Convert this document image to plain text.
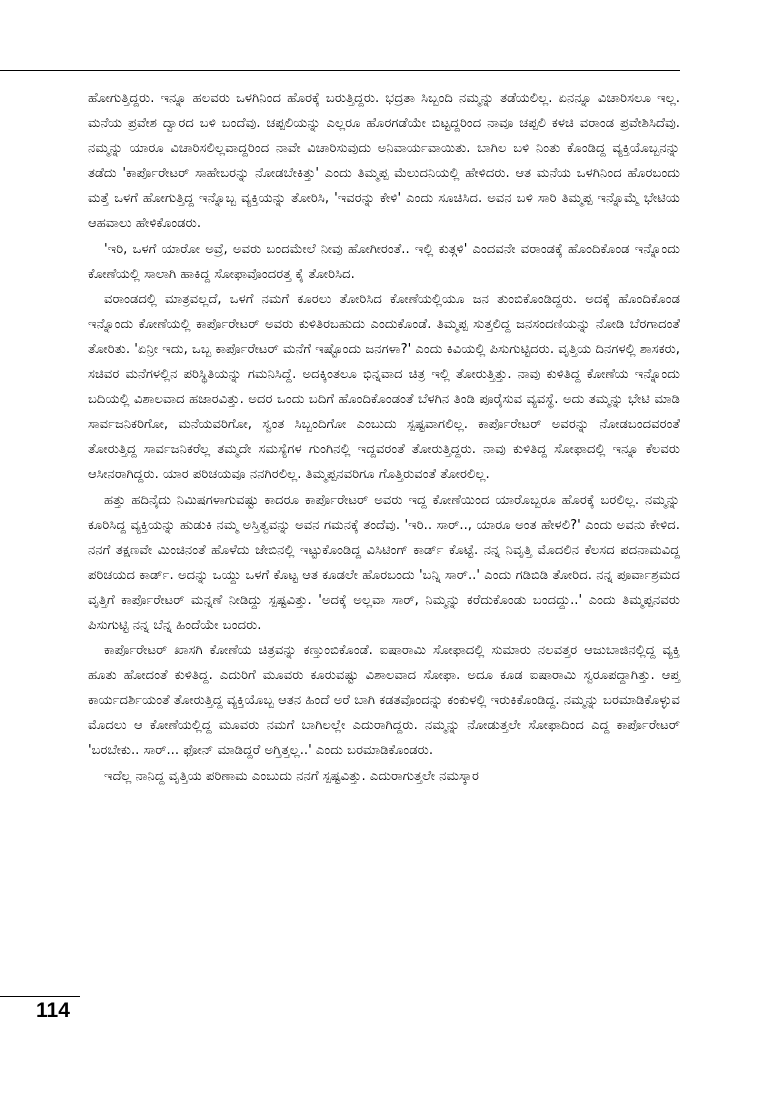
ಹೋಗುತ್ತಿದ್ದರು. ಇನ್ನೂ ಹಲವರು ಒಳಗಿನಿಂದ ಹೊರಕ್ಕೆ ಬರುತ್ತಿದ್ದರು. ಭದ್ರತಾ ಸಿಬ್ಬಂದಿ ನಮ್ಮನ್ನು ತಡೆಯಲಿಲ್ಲ. ಏನನ್ನೂ ವಿಚಾರಿಸಲೂ ಇಲ್ಲ. ಮನೆಯ ಪ್ರವೇಶ ದ್ವಾರದ ಬಳಿ ಬಂದೆವು. ಚಪ್ಪಲಿಯನ್ನು ಎಲ್ಲರೂ ಹೊರಗಡೆಯೇ ಬಿಟ್ಟದ್ದರಿಂದ ನಾವೂ ಚಪ್ಪಲಿ ಕಳಚಿ ವರಾಂಡ ಪ್ರವೇಶಿಸಿದೆವು. ನಮ್ಮನ್ನು ಯಾರೂ ವಿಚಾರಿಸಲಿಲ್ಲವಾದ್ದರಿಂದ ನಾವೇ ವಿಚಾರಿಸುವುದು ಅನಿವಾರ್ಯವಾಯಿತು. ಬಾಗಿಲ ಬಳಿ ನಿಂತು ಕೊಂಡಿದ್ದ ವ್ಯಕ್ತಿಯೊಬ್ಬನನ್ನು ತಡೆದು 'ಕಾರ್ಪೊರೇಟರ್ ಸಾಹೇಬರನ್ನು ನೋಡಬೇಕಿತ್ತು' ಎಂದು ತಿಮ್ಮಪ್ಪ ಮೆಲುದನಿಯಲ್ಲಿ ಹೇಳಿದರು. ಆತ ಮನೆಯ ಒಳಗಿನಿಂದ ಹೊರಬಂದು ಮತ್ತೆ ಒಳಗೆ ಹೋಗುತ್ತಿದ್ದ ಇನ್ನೊಬ್ಬ ವ್ಯಕ್ತಿಯನ್ನು ತೋರಿಸಿ, 'ಇವರನ್ನು ಕೇಳಿ' ಎಂದು ಸೂಚಿಸಿದ. ಅವನ ಬಳಿ ಸಾರಿ ತಿಮ್ಮಪ್ಪ ಇನ್ನೊಮ್ಮೆ ಭೇಟಿಯ ಆಹವಾಲು ಹೇಳಿಕೊಂಡರು.

'ಇರಿ, ಒಳಗೆ ಯಾರೋ ಅವ್ರೆ, ಅವರು ಬಂದಮೇಲೆ ನೀವು ಹೋಗೀರಂತೆ.. ಇಲ್ಲಿ ಕುತ್ಗಳಿ' ಎಂದವನೇ ವರಾಂಡಕ್ಕೆ ಹೊಂದಿಕೊಂಡ ಇನ್ನೊಂದು ಕೋಣೆಯಲ್ಲಿ ಸಾಲಾಗಿ ಹಾಕಿದ್ದ ಸೋಫಾವೊಂದರತ್ತ ಕೈ ತೋರಿಸಿದ.

ವರಾಂಡದಲ್ಲಿ ಮಾತ್ರವಲ್ಲದೆ, ಒಳಗೆ ನಮಗೆ ಕೂರಲು ತೋರಿಸಿದ ಕೋಣೆಯಲ್ಲಿಯೂ ಜನ ತುಂಬಿಕೊಂಡಿದ್ದರು. ಅದಕ್ಕೆ ಹೊಂದಿಕೊಂಡ ಇನ್ನೊಂದು ಕೋಣೆಯಲ್ಲಿ ಕಾರ್ಪೊರೇಟರ್ ಅವರು ಕುಳಿತಿರಬಹುದು ಎಂದುಕೊಂಡೆ. ತಿಮ್ಮಪ್ಪ ಸುತ್ತಲಿದ್ದ ಜನಸಂದಣಿಯನ್ನು ನೋಡಿ ಬೆರಗಾದಂತೆ ತೋರಿತು. 'ಏನ್ರೀ ಇದು, ಒಬ್ಬ ಕಾರ್ಪೊರೇಟರ್ ಮನೆಗೆ ಇಷ್ಟೊಂದು ಜನಗಳಾ?' ಎಂದು ಕಿವಿಯಲ್ಲಿ ಪಿಸುಗುಟ್ಟಿದರು. ವೃತ್ತಿಯ ದಿನಗಳಲ್ಲಿ ಶಾಸಕರು, ಸಚಿವರ ಮನೆಗಳಲ್ಲಿನ ಪರಿಸ್ಥಿತಿಯನ್ನು ಗಮನಿಸಿದ್ದೆ. ಅದಕ್ಕಿಂತಲೂ ಭಿನ್ನವಾದ ಚಿತ್ರ ಇಲ್ಲಿ ತೋರುತ್ತಿತ್ತು. ನಾವು ಕುಳಿತಿದ್ದ ಕೋಣೆಯ ಇನ್ನೊಂದು ಬದಿಯಲ್ಲಿ ವಿಶಾಲವಾದ ಹಜಾರವಿತ್ತು. ಅದರ ಒಂದು ಬದಿಗೆ ಹೊಂದಿಕೊಂಡಂತೆ ಬೆಳಗಿನ ತಿಂಡಿ ಪೂರೈಸುವ ವ್ಯವಸ್ಥೆ. ಅದು ತಮ್ಮನ್ನು ಭೇಟಿ ಮಾಡಿ ಸಾರ್ವಜನಿಕರಿಗೋ, ಮನೆಯವರಿಗೋ, ಸ್ವಂತ ಸಿಬ್ಬಂದಿಗೋ ಎಂಬುದು ಸ್ಪಷ್ಟವಾಗಲಿಲ್ಲ. ಕಾರ್ಪೊರೇಟರ್ ಅವರನ್ನು ನೋಡಬಂದವರಂತೆ ತೋರುತ್ತಿದ್ದ ಸಾರ್ವಜನಿಕರೆಲ್ಲ ತಮ್ಮದೇ ಸಮಸ್ಯೆಗಳ ಗುಂಗಿನಲ್ಲಿ ಇದ್ದವರಂತೆ ತೋರುತ್ತಿದ್ದರು. ನಾವು ಕುಳಿತಿದ್ದ ಸೋಫಾದಲ್ಲಿ ಇನ್ನೂ ಕೆಲವರು ಆಸೀನರಾಗಿದ್ದರು. ಯಾರ ಪರಿಚಯವೂ ನನಗಿರಲಿಲ್ಲ. ತಿಮ್ಮಪ್ಪನವರಿಗೂ ಗೊತ್ತಿರುವಂತೆ ತೋರಲಿಲ್ಲ.

ಹತ್ತು ಹದಿನೈದು ನಿಮಿಷಗಳಾಗುವಷ್ಟು ಕಾದರೂ ಕಾರ್ಪೊರೇಟರ್ ಅವರು ಇದ್ದ ಕೋಣೆಯಿಂದ ಯಾರೊಬ್ಬರೂ ಹೊರಕ್ಕೆ ಬರಲಿಲ್ಲ. ನಮ್ಮನ್ನು ಕೂರಿಸಿದ್ದ ವ್ಯಕ್ತಿಯನ್ನು ಹುಡುಕಿ ನಮ್ಮ ಅಸ್ತಿತ್ವವನ್ನು ಅವನ ಗಮನಕ್ಕೆ ತಂದೆವು. 'ಇರಿ.. ಸಾರ್.., ಯಾರೂ ಅಂತ ಹೇಳಲಿ?' ಎಂದು ಅವನು ಕೇಳಿದ. ನನಗೆ ತಕ್ಷಣವೇ ಮಿಂಚಿನಂತೆ ಹೊಳೆದು ಜೇಬಿನಲ್ಲಿ ಇಟ್ಟುಕೊಂಡಿದ್ದ ವಿಸಿಟಿಂಗ್ ಕಾರ್ಡ್ ಕೊಟ್ಟೆ. ನನ್ನ ನಿವೃತ್ತಿ ಮೊದಲಿನ ಕೆಲಸದ ಪದನಾಮವಿದ್ದ ಪರಿಚಯದ ಕಾರ್ಡ್. ಅದನ್ನು ಒಯ್ದು ಒಳಗೆ ಕೊಟ್ಟ ಆತ ಕೂಡಲೇ ಹೊರಬಂದು 'ಬನ್ನಿ ಸಾರ್..' ಎಂದು ಗಡಿಬಿಡಿ ತೋರಿದ. ನನ್ನ ಪೂರ್ವಾಶ್ರಮದ ವೃತ್ತಿಗೆ ಕಾರ್ಪೊರೇಟರ್ ಮನ್ನಣೆ ನೀಡಿದ್ದು ಸ್ಪಷ್ಟವಿತ್ತು. 'ಅದಕ್ಕೆ ಅಲ್ಲವಾ ಸಾರ್, ನಿಮ್ಮನ್ನು ಕರೆದುಕೊಂಡು ಬಂದದ್ದು..' ಎಂದು ತಿಮ್ಮಪ್ಪನವರು ಪಿಸುಗುಟ್ಟಿ ನನ್ನ ಬೆನ್ನ ಹಿಂದೆಯೇ ಬಂದರು.

ಕಾರ್ಪೊರೇಟರ್ ಖಾಸಗಿ ಕೋಣೆಯ ಚಿತ್ರವನ್ನು ಕಣ್ತುಂಬಿಕೊಂಡೆ. ಐಷಾರಾಮಿ ಸೋಫಾದಲ್ಲಿ ಸುಮಾರು ನಲವತ್ತರ ಆಜುಬಾಜಿನಲ್ಲಿದ್ದ ವ್ಯಕ್ತಿ ಹೂತು ಹೋದಂತೆ ಕುಳಿತಿದ್ದ. ಎದುರಿಗೆ ಮೂವರು ಕೂರುವಷ್ಟು ವಿಶಾಲವಾದ ಸೋಫಾ. ಅದೂ ಕೂಡ ಐಷಾರಾಮಿ ಸ್ವರೂಪದ್ದಾಗಿತ್ತು. ಆಪ್ತ ಕಾರ್ಯದರ್ಶಿಯಂತೆ ತೋರುತ್ತಿದ್ದ ವ್ಯಕ್ತಿಯೊಬ್ಬ ಆತನ ಹಿಂದೆ ಅರೆ ಬಾಗಿ ಕಡತವೊಂದನ್ನು ಕಂಕುಳಲ್ಲಿ ಇರುಕಿಕೊಂಡಿದ್ದ. ನಮ್ಮನ್ನು ಬರಮಾಡಿಕೊಳ್ಳುವ ಮೊದಲು ಆ ಕೋಣೆಯಲ್ಲಿದ್ದ ಮೂವರು ನಮಗೆ ಬಾಗಿಲಲ್ಲೇ ಎದುರಾಗಿದ್ದರು. ನಮ್ಮನ್ನು ನೋಡುತ್ತಲೇ ಸೋಫಾದಿಂದ ಎದ್ದ ಕಾರ್ಪೊರೇಟರ್ 'ಬರಬೇಕು.. ಸಾರ್... ಫೋನ್ ಮಾಡಿದ್ದರೆ ಅಗ್ತಿತ್ತಲ್ಲ..' ಎಂದು ಬರಮಾಡಿಕೊಂಡರು.

ಇದೆಲ್ಲ ನಾನಿದ್ದ ವೃತ್ತಿಯ ಪರಿಣಾಮ ಎಂಬುದು ನನಗೆ ಸ್ಪಷ್ಟವಿತ್ತು. ಎದುರಾಗುತ್ತಲೇ ನಮಸ್ಕಾರ

114
